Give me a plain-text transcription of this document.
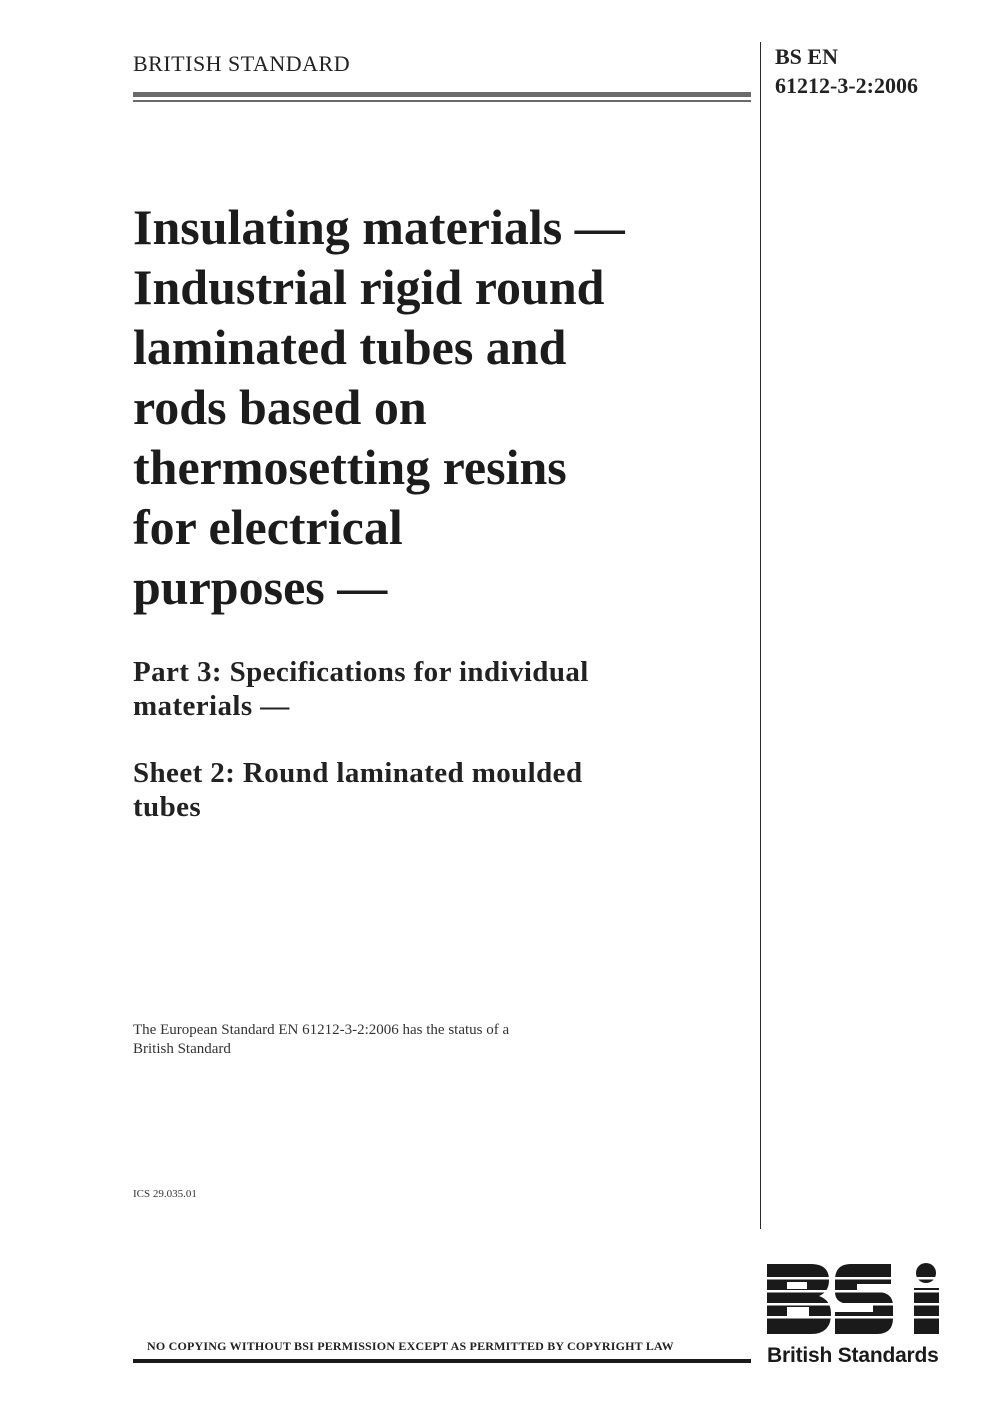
BRITISH STANDARD	BS EN
61212-3-2:2006
Insulating materials —
Industrial rigid round
laminated tubes and
rods based on
thermosetting resins
for electrical
purposes —
Part 3: Specifications for individual
materials —
Sheet 2: Round laminated moulded
tubes
The European Standard EN 61212-3-2:2006 has the status of a
British Standard
ICS 29.035.01
NO COPYING WITHOUT BSI PERMISSION EXCEPT AS PERMITTED BY COPYRIGHT LAW	British Standards
